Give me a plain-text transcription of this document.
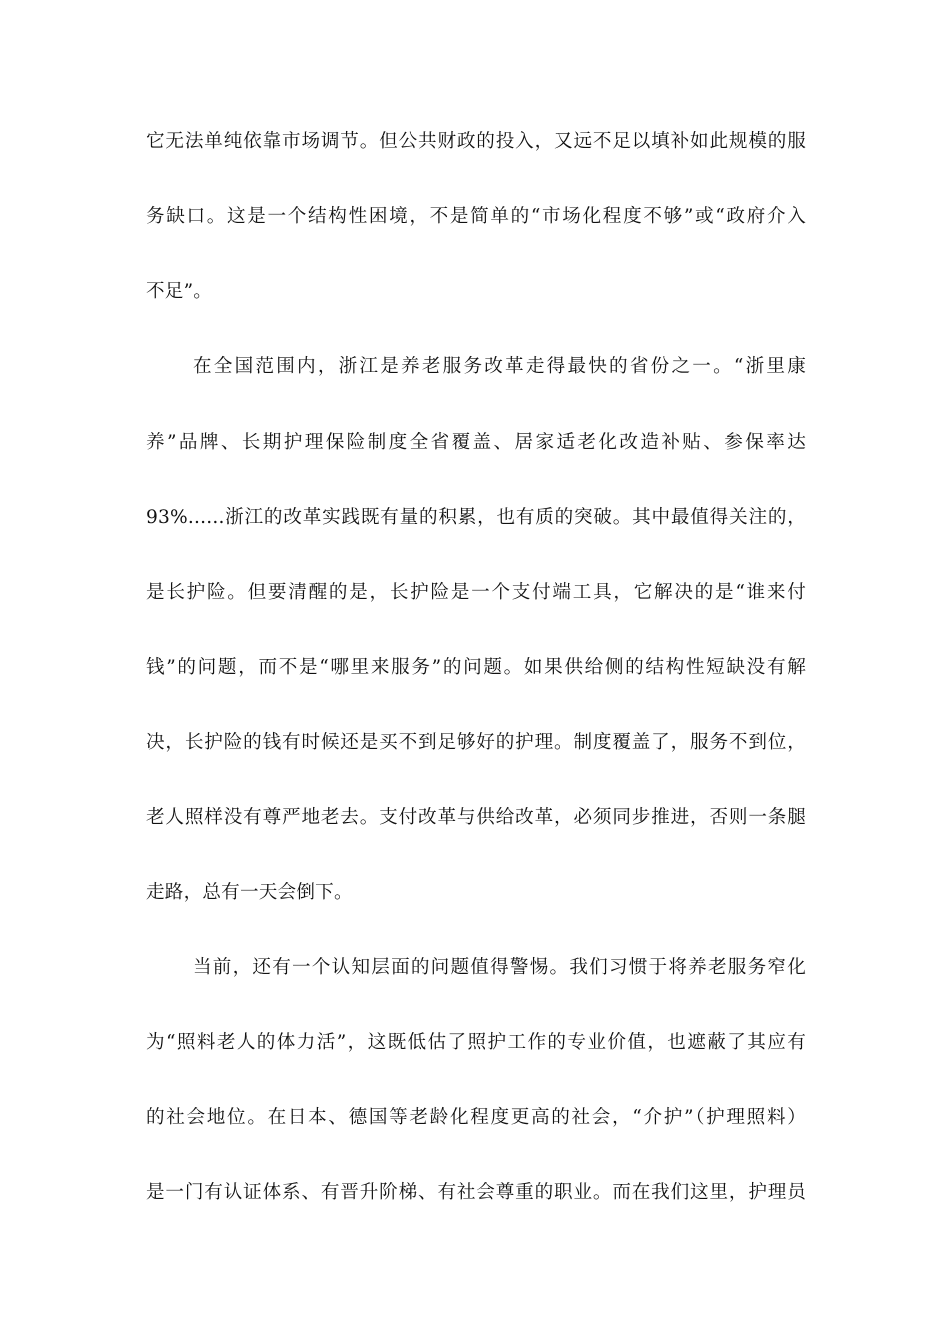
它无法单纯依靠市场调节。但公共财政的投入，又远不足以填补如此规模的服
务缺口。这是一个结构性困境，不是简单的“市场化程度不够”或“政府介入
不足”。
在全国范围内，浙江是养老服务改革走得最快的省份之一。“浙里康
养”品牌、长期护理保险制度全省覆盖、居家适老化改造补贴、参保率达
93%......浙江的改革实践既有量的积累，也有质的突破。其中最值得关注的，
是长护险。但要清醒的是，长护险是一个支付端工具，它解决的是“谁来付
钱”的问题，而不是“哪里来服务”的问题。如果供给侧的结构性短缺没有解
决，长护险的钱有时候还是买不到足够好的护理。制度覆盖了，服务不到位，
老人照样没有尊严地老去。支付改革与供给改革，必须同步推进，否则一条腿
走路，总有一天会倒下。
当前，还有一个认知层面的问题值得警惕。我们习惯于将养老服务窄化
为“照料老人的体力活”，这既低估了照护工作的专业价值，也遮蔽了其应有
的社会地位。在日本、德国等老龄化程度更高的社会，“介护”（护理照料）
是一门有认证体系、有晋升阶梯、有社会尊重的职业。而在我们这里，护理员
